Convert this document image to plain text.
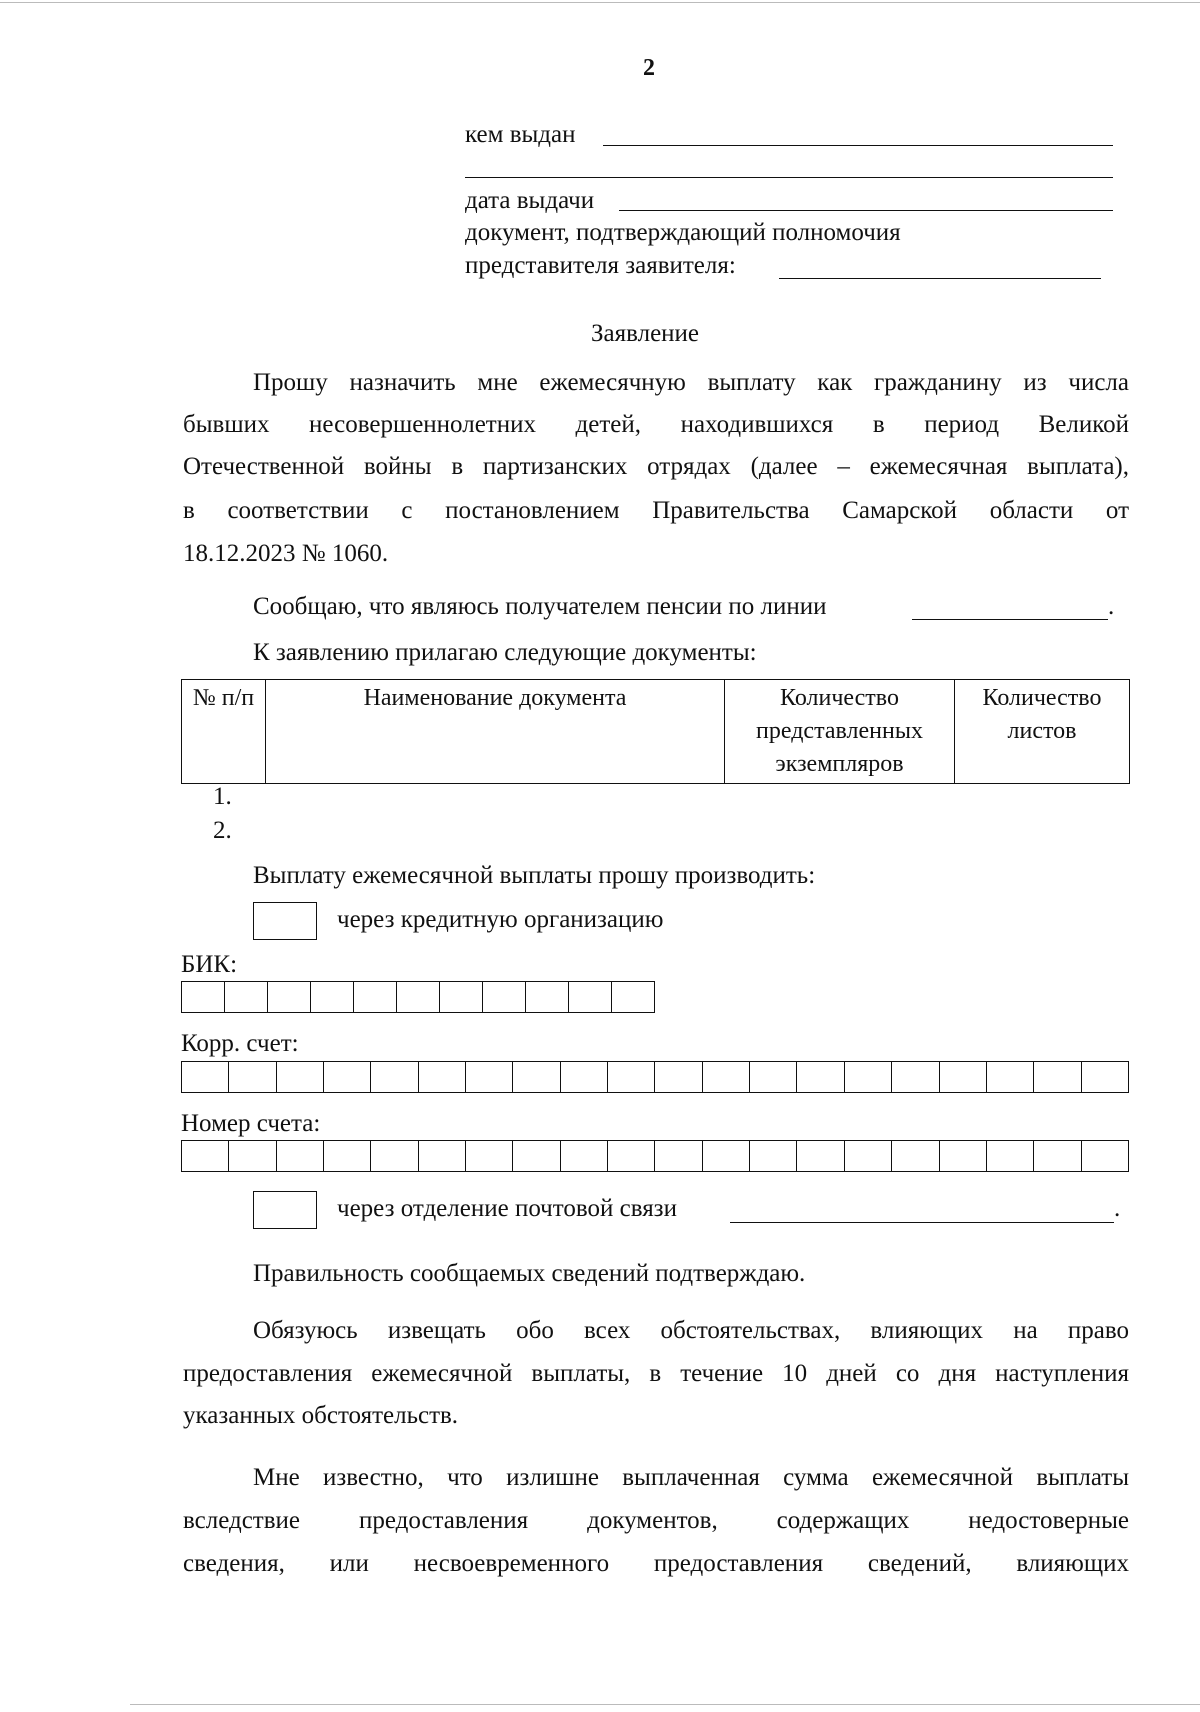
2
кем выдан
дата выдачи
документ, подтверждающий полномочия
представителя заявителя:
Заявление
Прошу назначить мне ежемесячную выплату как гражданину из числа
бывших несовершеннолетних детей, находившихся в период Великой
Отечественной войны в партизанских отрядах (далее – ежемесячная выплата),
в соответствии с постановлением Правительства Самарской области от
18.12.2023 № 1060.
Сообщаю, что являюсь получателем пенсии по линии	.
К заявлению прилагаю следующие документы:
№ п/п	Наименование документа	Количество представленных экземпляров	Количество листов
1.
2.
Выплату ежемесячной выплаты прошу производить:
через кредитную организацию
БИК:
Корр. счет:
Номер счета:
через отделение почтовой связи	.
Правильность сообщаемых сведений подтверждаю.
Обязуюсь извещать обо всех обстоятельствах, влияющих на право
предоставления ежемесячной выплаты, в течение 10 дней со дня наступления
указанных обстоятельств.
Мне известно, что излишне выплаченная сумма ежемесячной выплаты
вследствие предоставления документов, содержащих недостоверные
сведения, или несвоевременного предоставления сведений, влияющих
